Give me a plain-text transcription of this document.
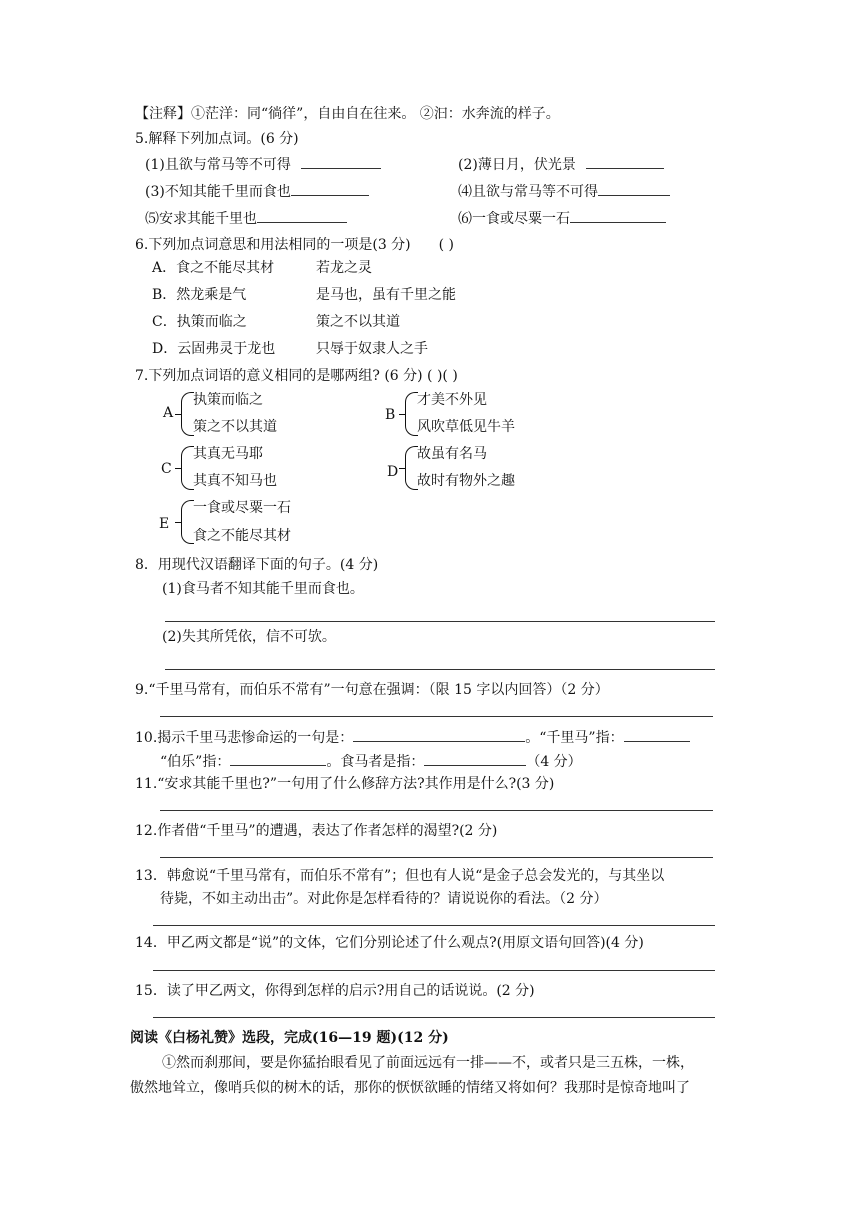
【注释】①茫洋：同“徜徉”，自由自在往来。 ②汩：水奔流的样子。
5.解释下列加点词。(6 分)
(1)且欲与常马等不可得	(2)薄日月，伏光景
(3)不知其能千里而食也	⑷且欲与常马等不可得
⑸安求其能千里也	⑹一食或尽粟一石
6.下列加点词意思和用法相同的一项是(3 分) ( )
A．食之不能尽其材	若龙之灵
B．然龙乘是气	是马也，虽有千里之能
C．执策而临之	策之不以其道
D．云固弗灵于龙也	只辱于奴隶人之手
7.下列加点词语的意义相同的是哪两组? (6 分) ( )( )
A
执策而临之
策之不以其道
B
才美不外见
风吹草低见牛羊
C
其真无马耶
其真不知马也
D
故虽有名马
故时有物外之趣
E
一食或尽粟一石
食之不能尽其材
8．用现代汉语翻译下面的句子。(4 分)
(1)食马者不知其能千里而食也。
(2)失其所凭依，信不可欤。
9.“千里马常有，而伯乐不常有”一句意在强调：（限 15 字以内回答）（2 分）
10.揭示千里马悲惨命运的一句是：	。“千里马”指：
“伯乐”指：	。食马者是指：	（4 分）
11.“安求其能千里也?”一句用了什么修辞方法?其作用是什么?(3 分)
12.作者借“千里马”的遭遇，表达了作者怎样的渴望?(2 分)
13．韩愈说“千里马常有，而伯乐不常有”；但也有人说“是金子总会发光的，与其坐以
待毙，不如主动出击”。对此你是怎样看待的？请说说你的看法。（2 分）
14．甲乙两文都是“说”的文体，它们分别论述了什么观点?(用原文语句回答)(4 分)
15．读了甲乙两文，你得到怎样的启示?用自己的话说说。(2 分)
阅读《白杨礼赞》选段，完成(16—19 题)(12 分)
①然而刹那间，要是你猛抬眼看见了前面远远有一排——不，或者只是三五株，一株，
傲然地耸立，像哨兵似的树木的话，那你的恹恹欲睡的情绪又将如何？我那时是惊奇地叫了
